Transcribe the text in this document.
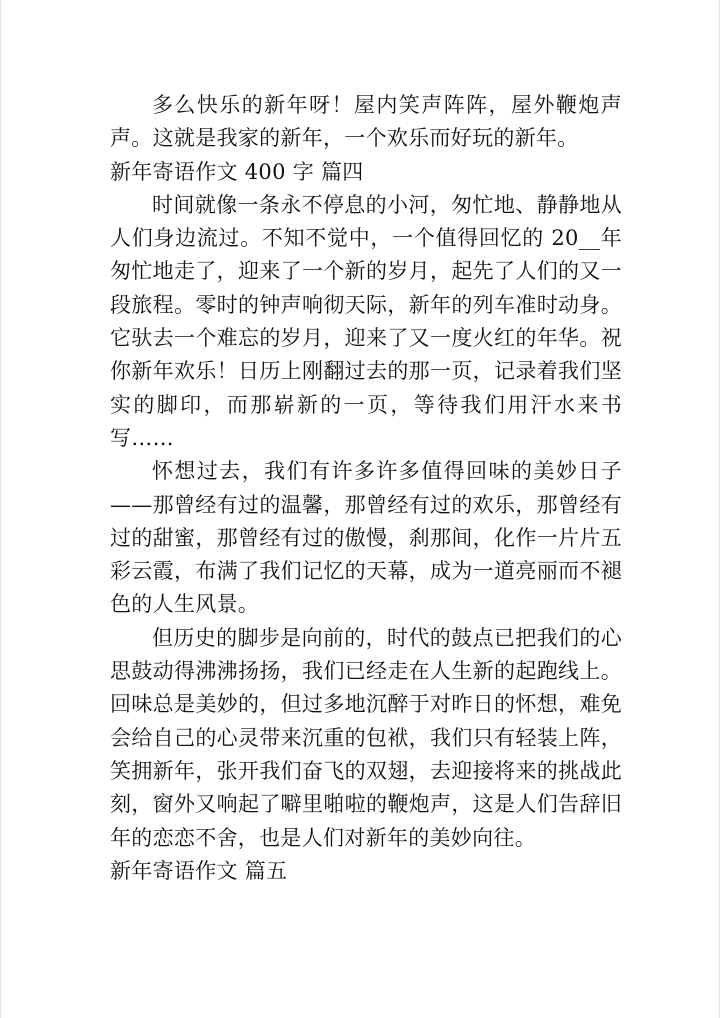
多么快乐的新年呀！屋内笑声阵阵，屋外鞭炮声声。这就是我家的新年，一个欢乐而好玩的新年。

新年寄语作文 400 字 篇四

时间就像一条永不停息的小河，匆忙地、静静地从人们身边流过。不知不觉中，一个值得回忆的 20__年匆忙地走了，迎来了一个新的岁月，起先了人们的又一段旅程。零时的钟声响彻天际，新年的列车准时动身。它驮去一个难忘的岁月，迎来了又一度火红的年华。祝你新年欢乐！日历上刚翻过去的那一页，记录着我们坚实的脚印，而那崭新的一页，等待我们用汗水来书写……

怀想过去，我们有许多许多值得回味的美妙日子——那曾经有过的温馨，那曾经有过的欢乐，那曾经有过的甜蜜，那曾经有过的傲慢，刹那间，化作一片片五彩云霞，布满了我们记忆的天幕，成为一道亮丽而不褪色的人生风景。

但历史的脚步是向前的，时代的鼓点已把我们的心思鼓动得沸沸扬扬，我们已经走在人生新的起跑线上。回味总是美妙的，但过多地沉醉于对昨日的怀想，难免会给自己的心灵带来沉重的包袱，我们只有轻装上阵，笑拥新年，张开我们奋飞的双翅，去迎接将来的挑战此刻，窗外又响起了噼里啪啦的鞭炮声，这是人们告辞旧年的恋恋不舍，也是人们对新年的美妙向往。

新年寄语作文 篇五
